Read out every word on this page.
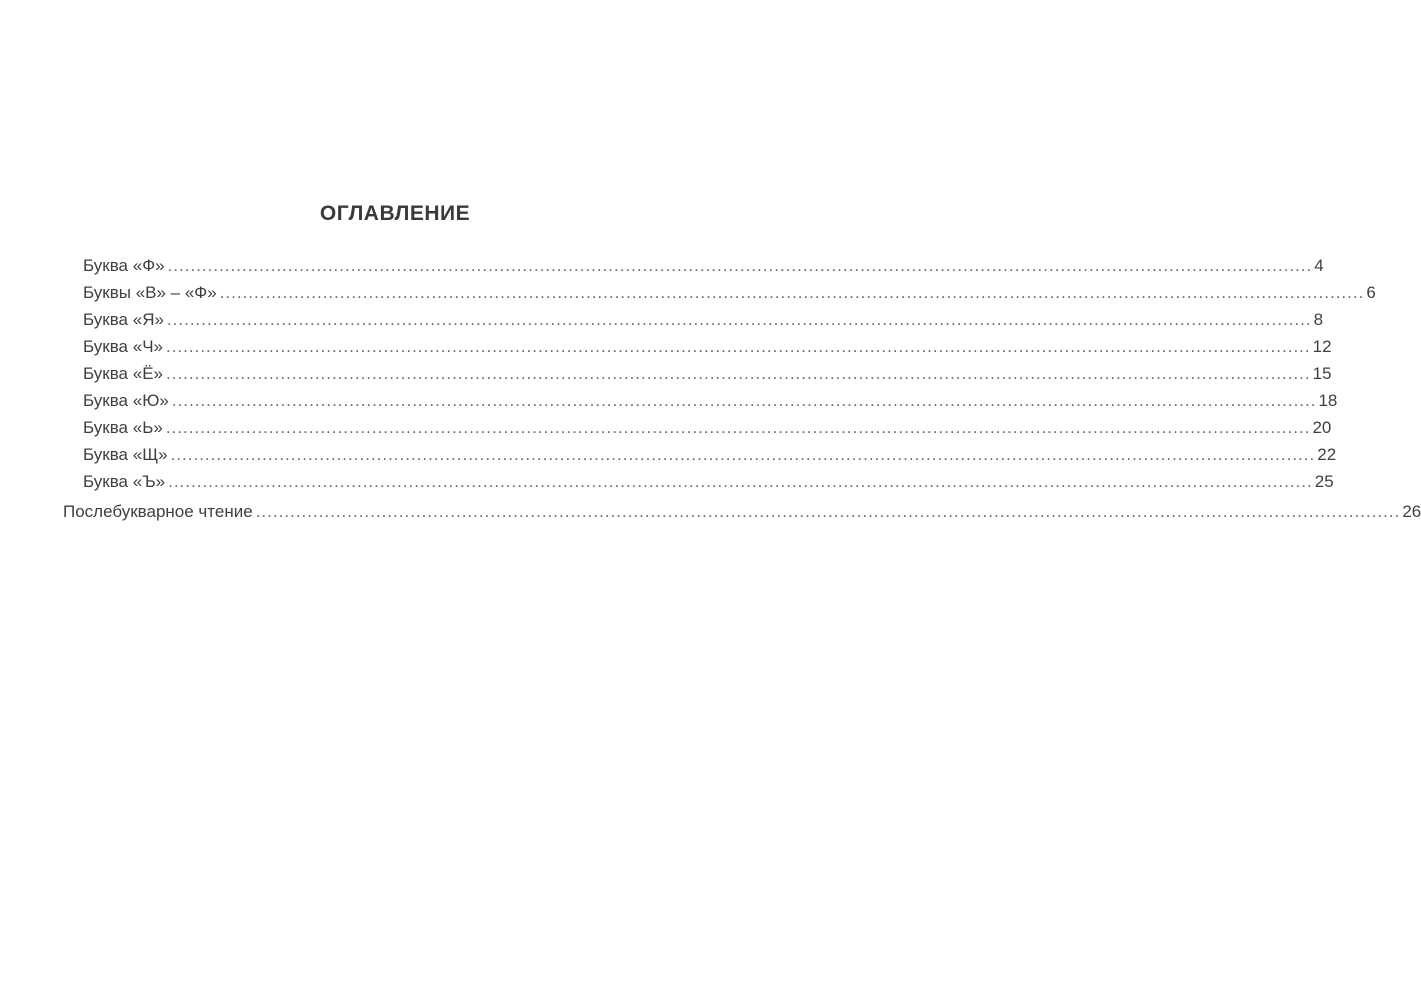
ОГЛАВЛЕНИЕ
Буква «Ф» ........................................................................................................................................................................................................ 4
Буквы «В» – «Ф» ........................................................................................................................................................................................................ 6
Буква «Я» ........................................................................................................................................................................................................ 8
Буква «Ч» ........................................................................................................................................................................................................ 12
Буква «Ё» ........................................................................................................................................................................................................ 15
Буква «Ю» ........................................................................................................................................................................................................ 18
Буква «Ь» ........................................................................................................................................................................................................ 20
Буква «Щ» ........................................................................................................................................................................................................ 22
Буква «Ъ» ........................................................................................................................................................................................................ 25
Послебукварное чтение ........................................................................................................................................................................................................ 26
